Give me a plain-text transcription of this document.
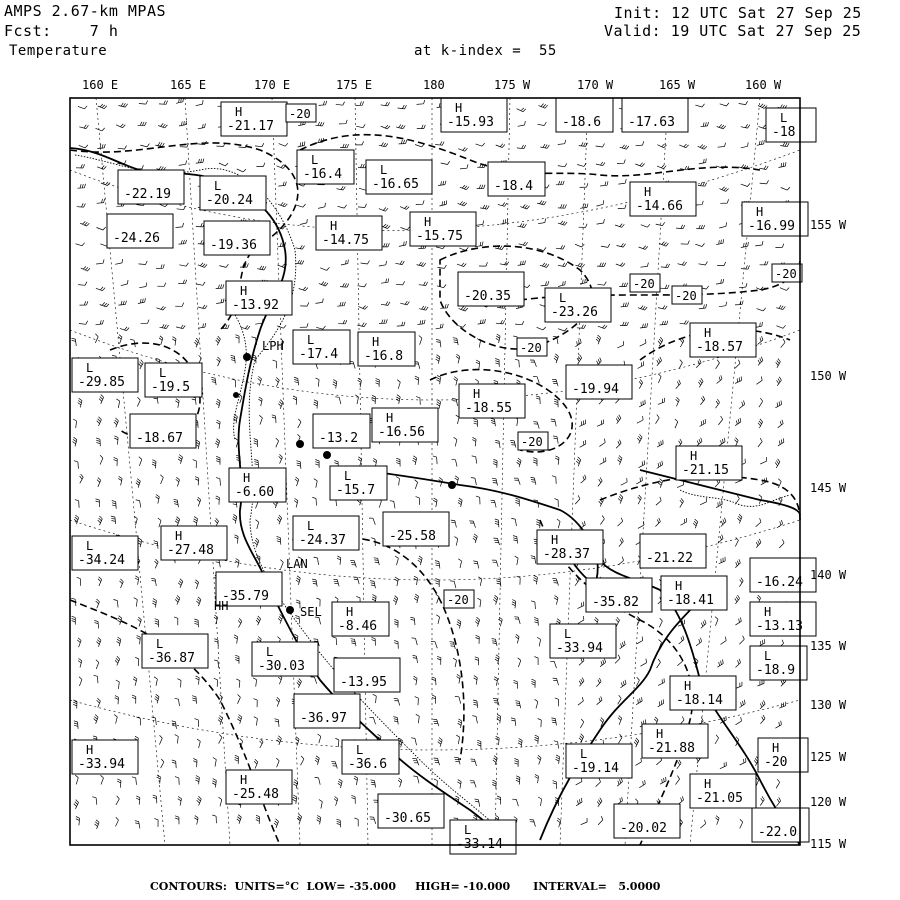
AMPS 2.67-km MPAS
Fcst:    7 h
Temperature
Init: 12 UTC Sat 27 Sep 25
Valid: 19 UTC Sat 27 Sep 25
at k-index =  55
H
-21.17
H
-15.93	-18.6 -17.63	L
-18
-22.19
L
-16.4	L
-16.65	-18.4
L
-20.24
H
-14.66
-24.26	-19.36
H
-14.75
H
-15.75
H
-16.99
-20.35	L
-23.26
H
-13.92
H
-18.57
L
-17.4
H
-16.8
L
-29.85
L
-19.5	-19.94
H
-18.55
-18.67
H
-16.56
-13.2
H
-21.15
H
-6.60
L
-15.7
-25.58
L
-24.37
H
-27.48
L
-34.24
H
-28.37	-21.22
-35.79	-35.82
H
-18.41
-16.24
H
-8.46
H
-13.13
L
-33.94
L
-36.87	L
-30.03
-13.95
L
-18.9
H
-18.14
-36.97
H
-21.88
H
-33.94
L
-36.6
L
-19.14
H
-20
H
-25.48
H
-21.05
-30.65
-20.02	-22.0
L
-33.14
-20
-20
-20
-20
-20
-20
-20
LAN
SEL
HH
LPH
160 E	165 E	170 E	175 E	180	175 W	170 W	165 W	160 W
155 W
150 W
145 W
140 W
135 W
130 W
125 W
120 W
115 W
CONTOURS:  UNITS=°C  LOW= -35.000     HIGH= -10.000      INTERVAL=   5.0000
